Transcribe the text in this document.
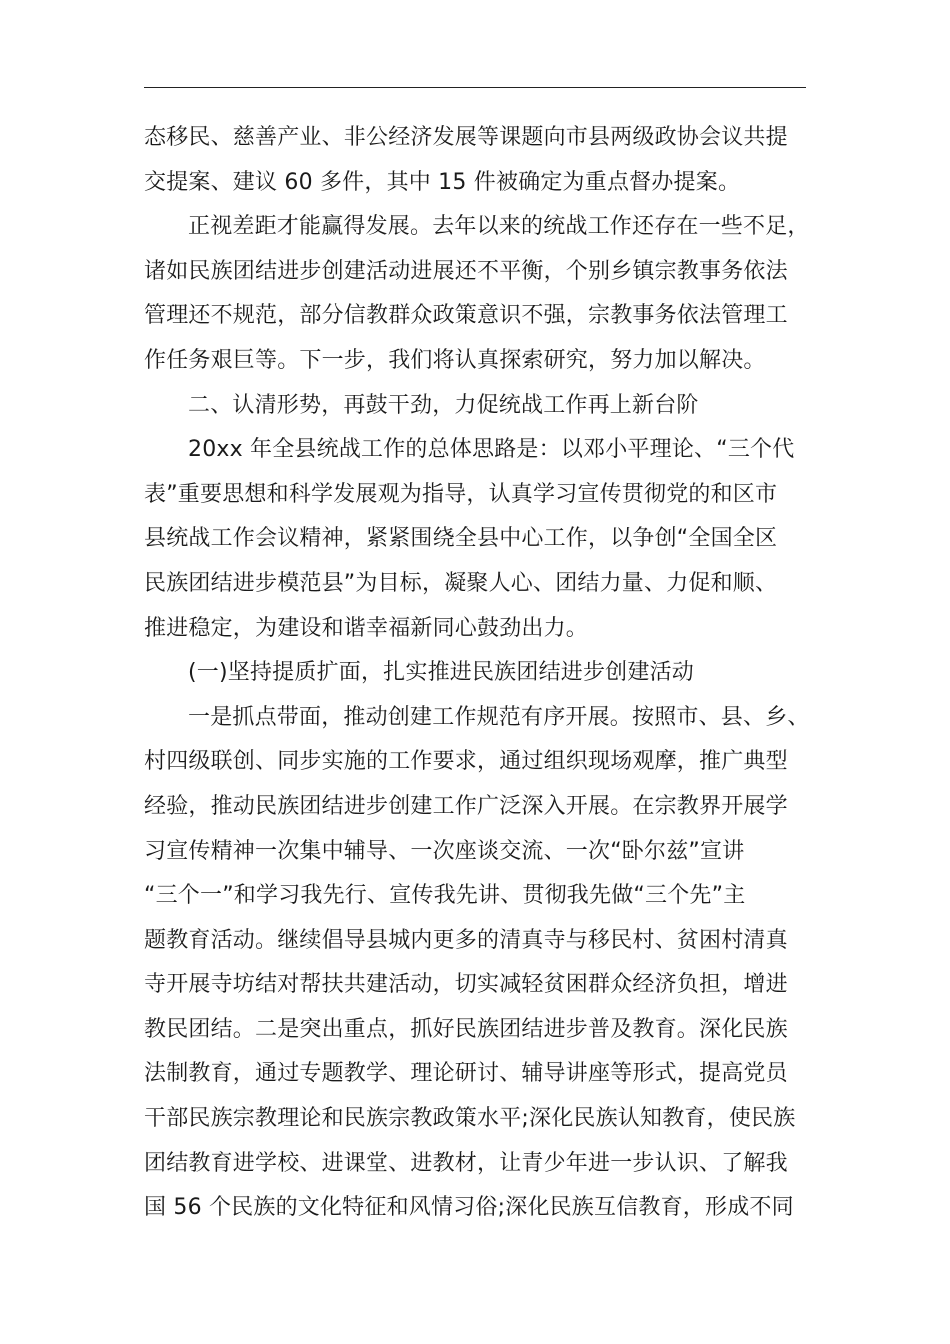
态移民、慈善产业、非公经济发展等课题向市县两级政协会议共提
交提案、建议 60 多件，其中 15 件被确定为重点督办提案。
正视差距才能赢得发展。去年以来的统战工作还存在一些不足，
诸如民族团结进步创建活动进展还不平衡，个别乡镇宗教事务依法
管理还不规范，部分信教群众政策意识不强，宗教事务依法管理工
作任务艰巨等。下一步，我们将认真探索研究，努力加以解决。
二、认清形势，再鼓干劲，力促统战工作再上新台阶
20xx 年全县统战工作的总体思路是：以邓小平理论、“三个代
表”重要思想和科学发展观为指导，认真学习宣传贯彻党的和区市
县统战工作会议精神，紧紧围绕全县中心工作，以争创“全国全区
民族团结进步模范县”为目标，凝聚人心、团结力量、力促和顺、
推进稳定，为建设和谐幸福新同心鼓劲出力。
(一)坚持提质扩面，扎实推进民族团结进步创建活动
一是抓点带面，推动创建工作规范有序开展。按照市、县、乡、
村四级联创、同步实施的工作要求，通过组织现场观摩，推广典型
经验，推动民族团结进步创建工作广泛深入开展。在宗教界开展学
习宣传精神一次集中辅导、一次座谈交流、一次“卧尔兹”宣讲
“三个一”和学习我先行、宣传我先讲、贯彻我先做“三个先”主
题教育活动。继续倡导县城内更多的清真寺与移民村、贫困村清真
寺开展寺坊结对帮扶共建活动，切实减轻贫困群众经济负担，增进
教民团结。二是突出重点，抓好民族团结进步普及教育。深化民族
法制教育，通过专题教学、理论研讨、辅导讲座等形式，提高党员
干部民族宗教理论和民族宗教政策水平;深化民族认知教育，使民族
团结教育进学校、进课堂、进教材，让青少年进一步认识、了解我
国 56 个民族的文化特征和风情习俗;深化民族互信教育，形成不同
